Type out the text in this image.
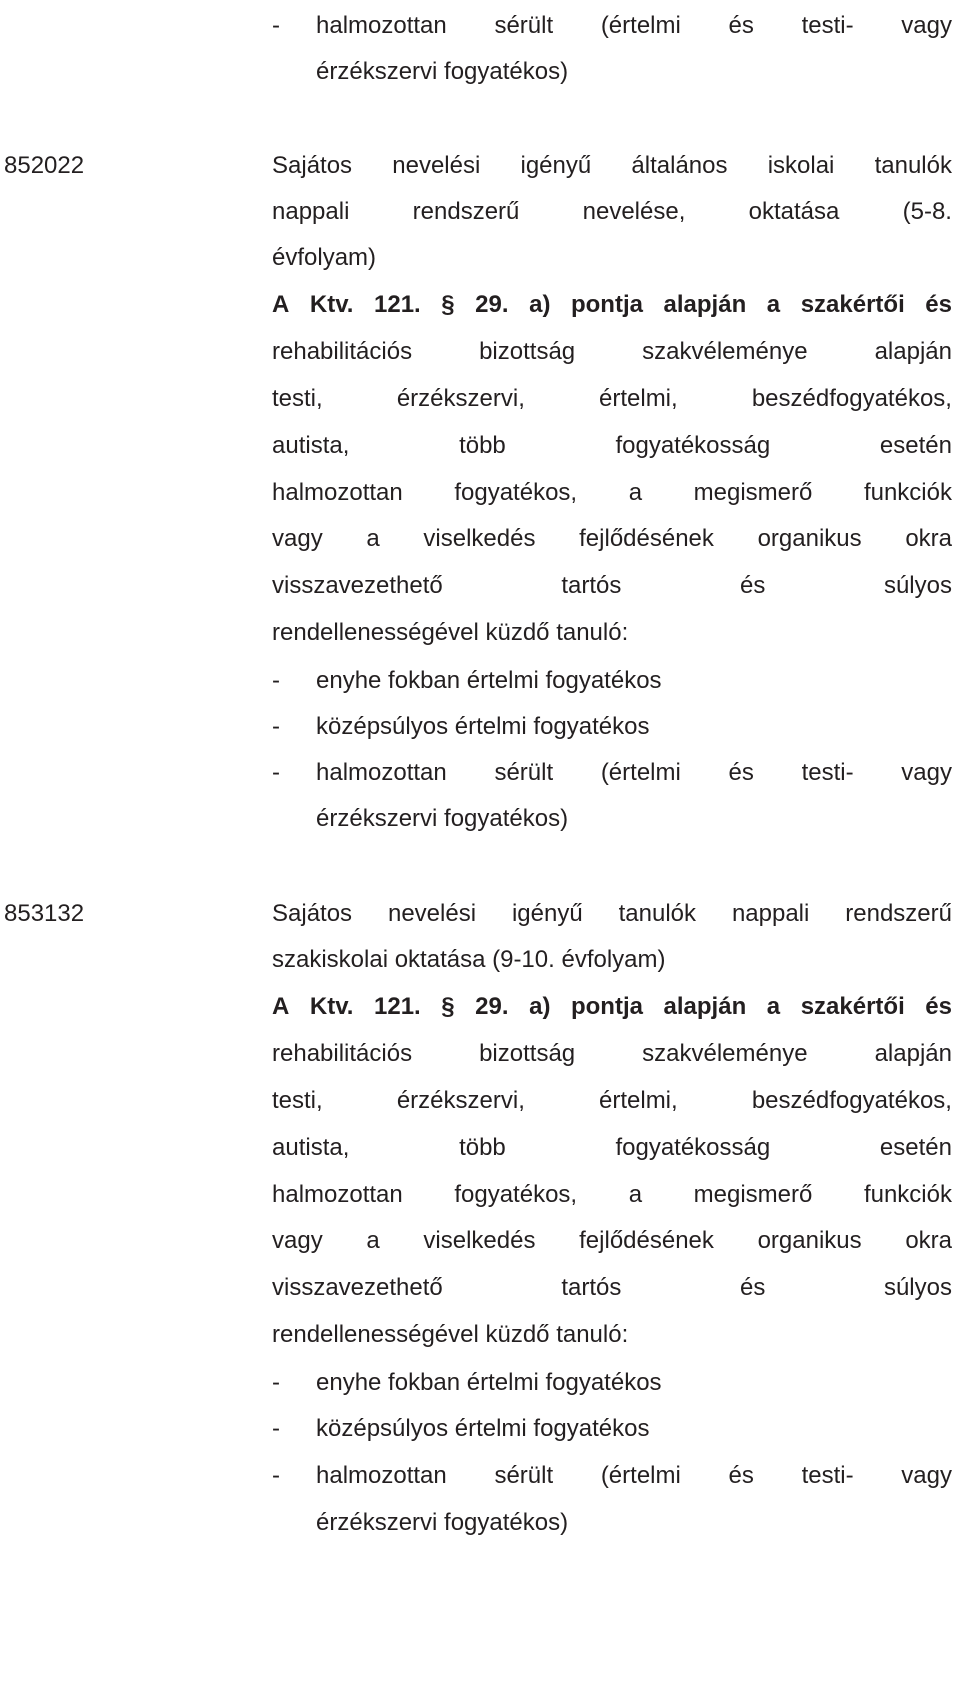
- halmozottan sérült (értelmi és testi- vagy
érzékszervi fogyatékos)
852022	Sajátos nevelési igényű általános iskolai tanulók
nappali	rendszerű	nevelése,	oktatása	(5-8.
évfolyam)
A Ktv. 121. § 29. a) pontja alapján a szakértői és
rehabilitációs	bizottság	szakvéleménye	alapján
testi,	érzékszervi,	értelmi,	beszédfogyatékos,
autista,	több	fogyatékosság	esetén
halmozottan fogyatékos, a megismerő funkciók
vagy a viselkedés fejlődésének organikus okra
visszavezethető	tartós	és	súlyos
rendellenességével küzdő tanuló:
- enyhe fokban értelmi fogyatékos
- középsúlyos értelmi fogyatékos
- halmozottan sérült (értelmi és testi- vagy
érzékszervi fogyatékos)
853132	Sajátos nevelési igényű tanulók nappali rendszerű
szakiskolai oktatása (9-10. évfolyam)
A Ktv. 121. § 29. a) pontja alapján a szakértői és
rehabilitációs	bizottság	szakvéleménye	alapján
testi,	érzékszervi,	értelmi,	beszédfogyatékos,
autista,	több	fogyatékosság	esetén
halmozottan fogyatékos, a megismerő funkciók
vagy a viselkedés fejlődésének organikus okra
visszavezethető	tartós	és	súlyos
rendellenességével küzdő tanuló:
- enyhe fokban értelmi fogyatékos
- középsúlyos értelmi fogyatékos
- halmozottan sérült (értelmi és testi- vagy
érzékszervi fogyatékos)
